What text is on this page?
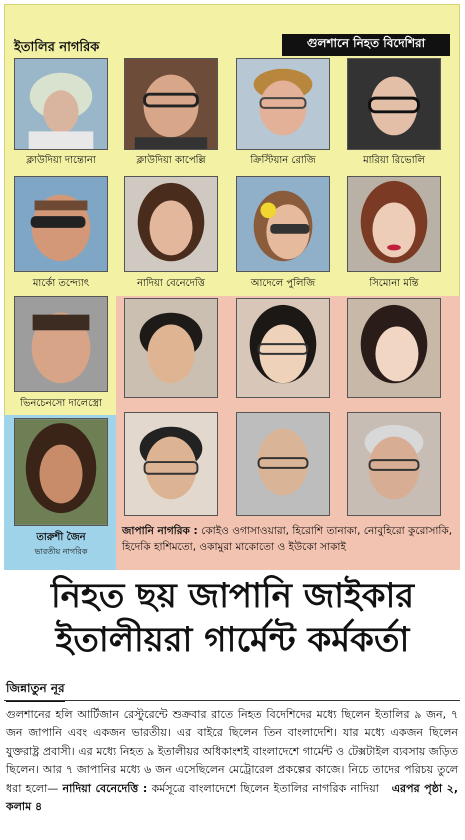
ইতালির নাগরিক	গুলশানে নিহত বিদেশিরা
ক্লাউদিয়া দান্তোনা	ক্লাউদিয়া কাপেল্লি	ক্রিস্টিয়ান রোজি	মারিয়া রিভোলি
মার্কো তন্দ্যোৎ	নাদিয়া বেনেদেত্তি	আদেলে পুলিজি	সিমোনা মন্তি
ভিনচেনসো দালেস্ত্রো
তারুশী জৈন
ভারতীয় নাগরিক
জাপানি নাগরিক : কোইও ওগাসাওয়ারা, হিরোশি তানাকা, নোবুহিরো কুরোসাকি, হিদেকি হাশিমতো, ওকামুরা মাকোতো ও ইউকো সাকাই
নিহত ছয় জাপানি জাইকার
ইতালীয়রা গার্মেন্ট কর্মকর্তা
জিন্নাতুন নূর
গুলশানের হলি আর্টিজান রেস্টুরেন্টে শুক্রবার রাতে নিহত বিদেশিদের মধ্যে ছিলেন ইতালির ৯ জন, ৭ জন জাপানি এবং একজন ভারতীয়। এর বাইরে ছিলেন তিন বাংলাদেশি। যার মধ্যে একজন ছিলেন যুক্তরাষ্ট্র প্রবাসী। এর মধ্যে নিহত ৯ ইতালীয়র অধিকাংশই বাংলাদেশে গার্মেন্ট ও টেক্সটাইল ব্যবসায় জড়িত ছিলেন। আর ৭ জাপানির মধ্যে ৬ জন এসেছিলেন মেট্রোরেল প্রকল্পের কাজে। নিচে তাদের পরিচয় তুলে ধরা হলো— নাদিয়া বেনেদেত্তি : কর্মসূত্রে বাংলাদেশে ছিলেন ইতালির নাগরিক নাদিয়া এরপর পৃষ্ঠা ২, কলাম ৪
